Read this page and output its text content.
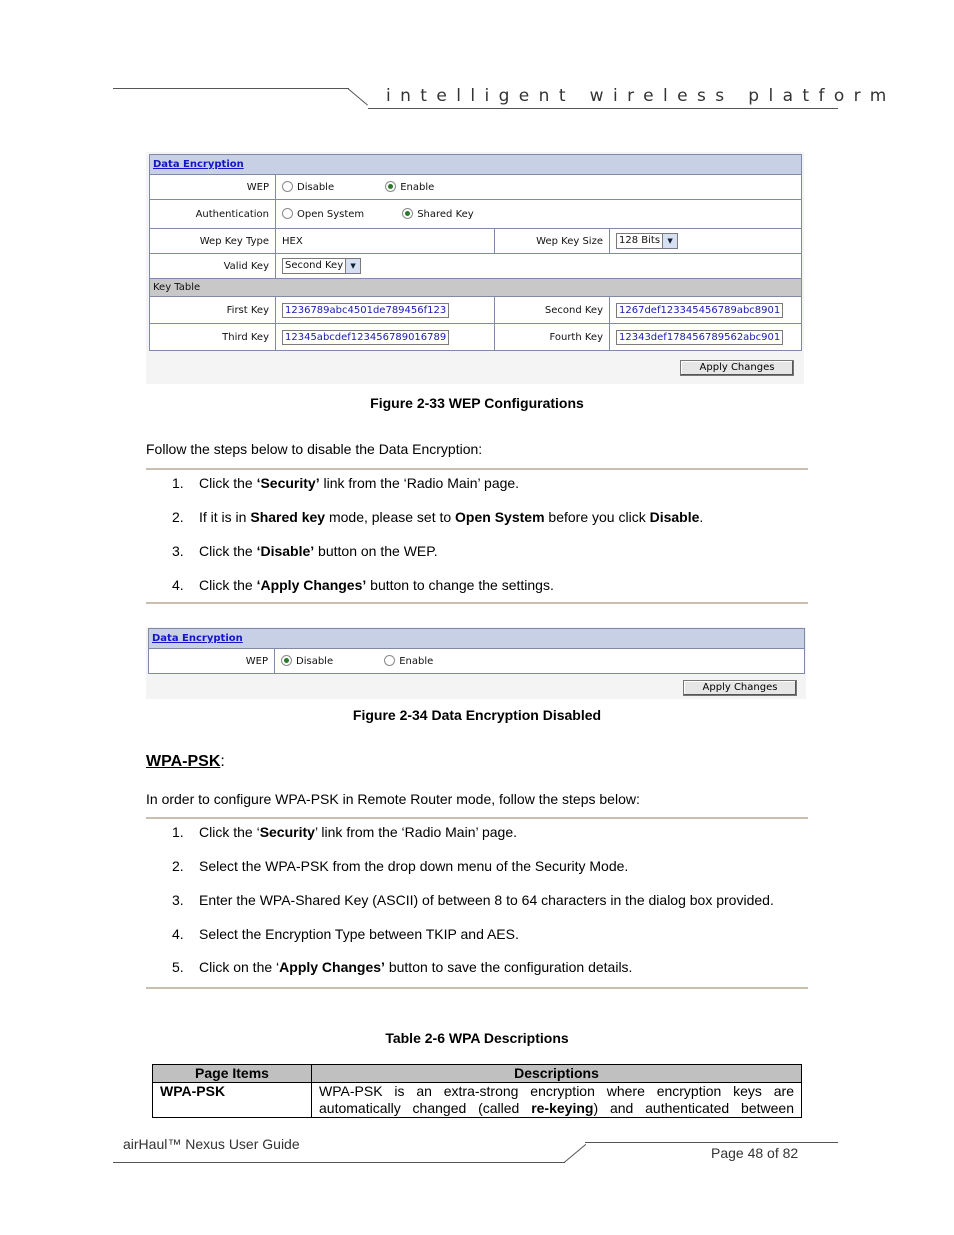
intelligent wireless platform
Data Encryption			
WEP	Disable Enable		
Authentication	Open System Shared Key		
Wep Key Type	HEX	Wep Key Size	128 Bits ▼

Valid Key	Second Key ▼		

Key Table			
First Key	1236789abc4501de789456f123	Second Key	1267def123345456789abc8901
Third Key	12345abcdef123456789016789	Fourth Key	12343def178456789562abc901
Apply Changes
Figure 2-33 WEP Configurations
Follow the steps below to disable the Data Encryption:
1. Click the ‘Security’ link from the ‘Radio Main’ page.
2. If it is in Shared key mode, please set to Open System before you click Disable.
3. Click the ‘Disable’ button on the WEP.
4. Click the ‘Apply Changes’ button to change the settings.
Data Encryption
WEP	Disable	Enable
Apply Changes
Figure 2-34 Data Encryption Disabled
WPA-PSK:
In order to configure WPA-PSK in Remote Router mode, follow the steps below:
1. Click the ‘Security’ link from the ‘Radio Main’ page.
2. Select the WPA-PSK from the drop down menu of the Security Mode.
3. Enter the WPA-Shared Key (ASCII) of between 8 to 64 characters in the dialog box provided.
4. Select the Encryption Type between TKIP and AES.
5. Click on the ‘Apply Changes’ button to save the configuration details.
Table 2-6 WPA Descriptions
Page Items	Descriptions
WPA-PSK	WPA-PSK is an extra-strong encryption where encryption keys are
automatically changed (called re-keying) and authenticated between
airHaul™ Nexus User Guide
Page 48 of 82
